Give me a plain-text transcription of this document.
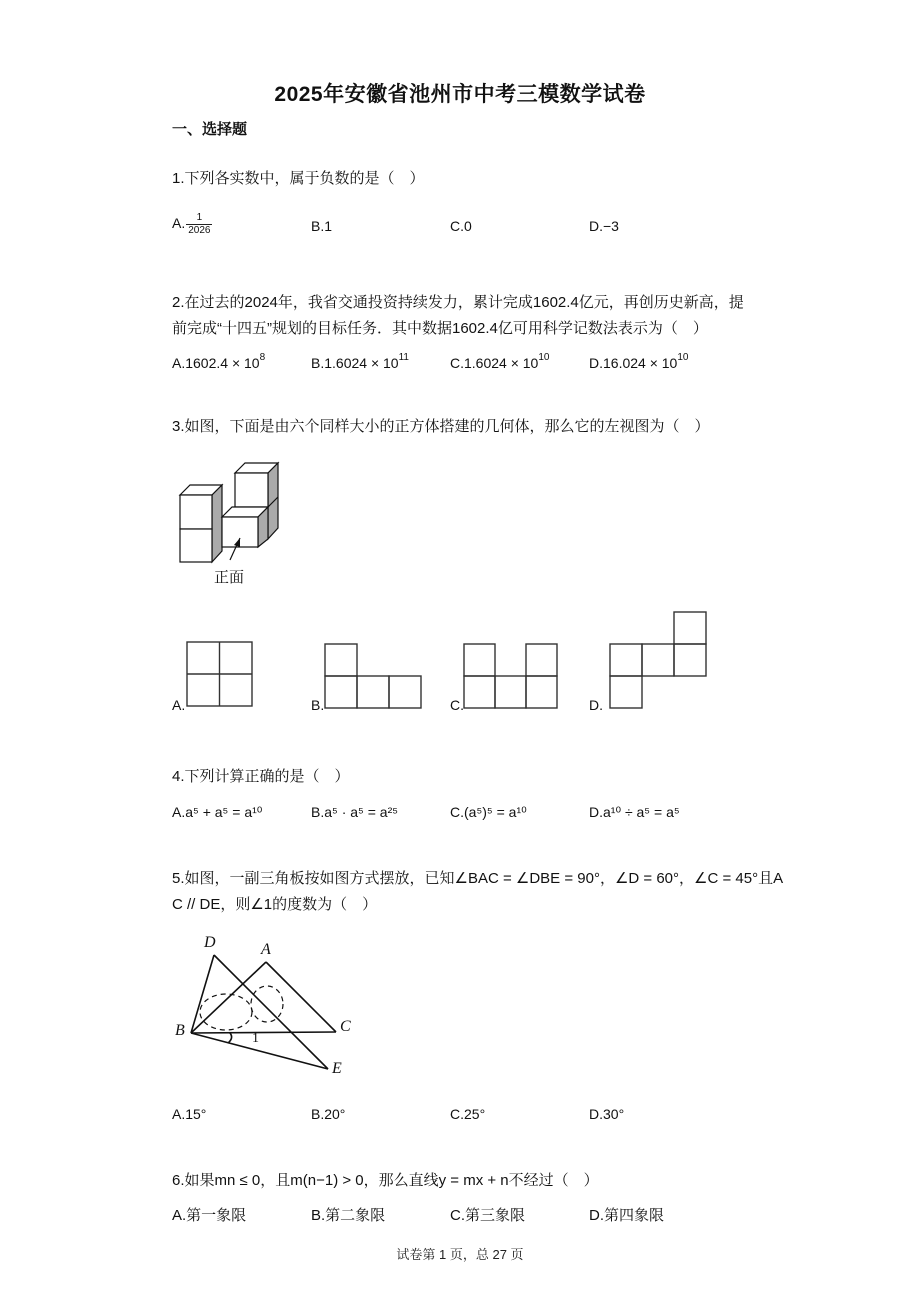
2025年安徽省池州市中考三模数学试卷
一、选择题
1.下列各实数中，属于负数的是（　）
A. $\frac{1}{2026}$	B.1	C.0	D.−3
2.在过去的2024年，我省交通投资持续发力，累计完成1602.4亿元，再创历史新高，提
前完成“十四五”规划的目标任务．其中数据1602.4亿可用科学记数法表示为（　）
$A.1602.4 \times 10^8$	$B.1.6024 \times 10^{11}$	$C.1.6024 \times 10^{10}$	$D.16.024 \times 10^{10}$
3.如图，下面是由六个同样大小的正方体搭建的几何体，那么它的左视图为（　）
正面
A.	B.	C.	D.
4.下列计算正确的是（　）
A.a⁵ + a⁵ = a¹⁰	B.a⁵ · a⁵ = a²⁵	C.(a⁵)⁵ = a¹⁰	D.a¹⁰ ÷ a⁵ = a⁵
5.如图，一副三角板按如图方式摆放，已知∠BAC = ∠DBE = 90°，∠D = 60°，∠C = 45°且A
C // DE，则∠1的度数为（　）
D	A
B	C
E
1
A.15°	B.20°	C.25°	D.30°
6.如果mn ≤ 0，且m(n−1) > 0，那么直线y = mx + n不经过（　）
A.第一象限	B.第二象限	C.第三象限	D.第四象限
试卷第 1 页，总 27 页
